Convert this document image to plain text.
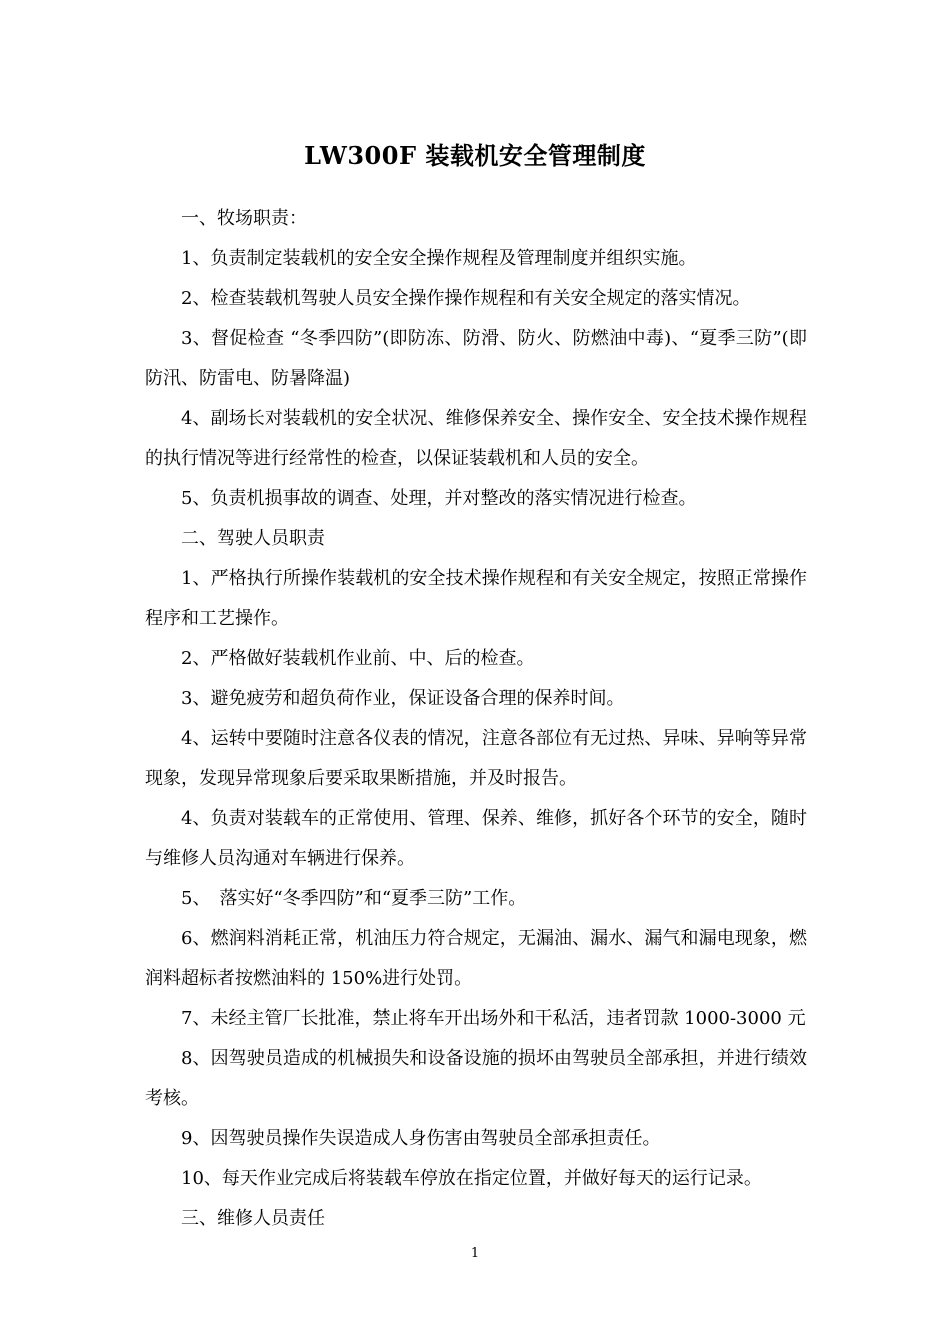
LW300F 装载机安全管理制度

一、牧场职责：

1、负责制定装载机的安全安全操作规程及管理制度并组织实施。

2、检查装载机驾驶人员安全操作操作规程和有关安全规定的落实情况。

3、督促检查 “冬季四防”(即防冻、防滑、防火、防燃油中毒)、“夏季三防”(即防汛、防雷电、防暑降温)

4、副场长对装载机的安全状况、维修保养安全、操作安全、安全技术操作规程的执行情况等进行经常性的检查，以保证装载机和人员的安全。

5、负责机损事故的调查、处理，并对整改的落实情况进行检查。

二、驾驶人员职责

1、严格执行所操作装载机的安全技术操作规程和有关安全规定，按照正常操作程序和工艺操作。

2、严格做好装载机作业前、中、后的检查。

3、避免疲劳和超负荷作业，保证设备合理的保养时间。

4、运转中要随时注意各仪表的情况，注意各部位有无过热、异味、异响等异常现象，发现异常现象后要采取果断措施，并及时报告。

4、负责对装载车的正常使用、管理、保养、维修，抓好各个环节的安全，随时与维修人员沟通对车辆进行保养。

5、　落实好“冬季四防”和“夏季三防”工作。

6、燃润料消耗正常，机油压力符合规定，无漏油、漏水、漏气和漏电现象，燃润料超标者按燃油料的 150%进行处罚。

7、未经主管厂长批准，禁止将车开出场外和干私活，违者罚款 1000-3000 元

8、因驾驶员造成的机械损失和设备设施的损坏由驾驶员全部承担，并进行绩效考核。

9、因驾驶员操作失误造成人身伤害由驾驶员全部承担责任。

10、每天作业完成后将装载车停放在指定位置，并做好每天的运行记录。

三、维修人员责任

1
